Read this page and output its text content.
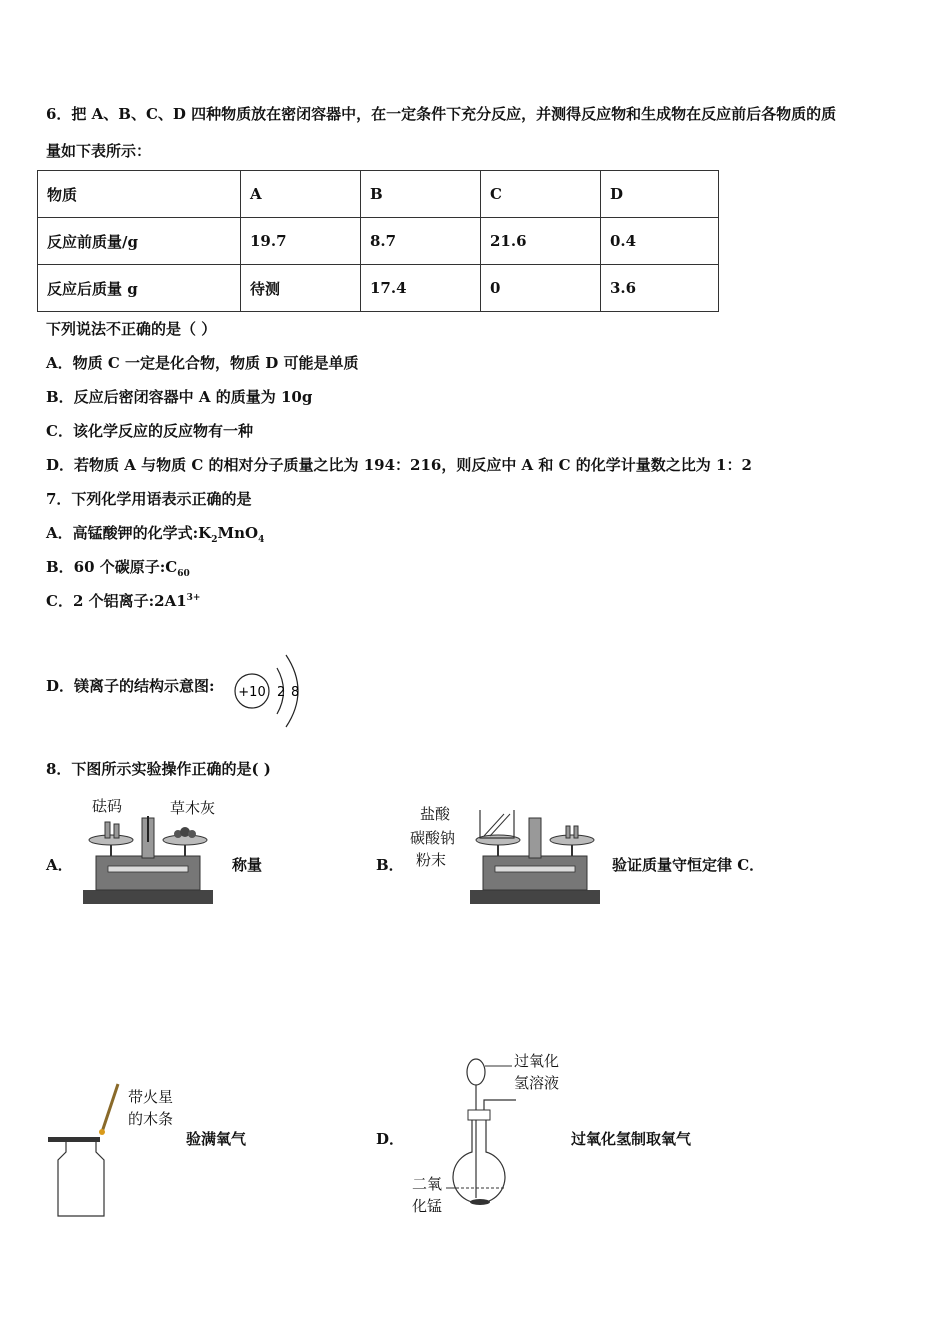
6．把 A、B、C、D 四种物质放在密闭容器中，在一定条件下充分反应，并测得反应物和生成物在反应前后各物质的质
量如下表所示：
物质	A	B	C	D
反应前质量/g	19.7	8.7	21.6	0.4
反应后质量 g	待测	17.4	0	3.6
下列说法不正确的是（ ）
A．物质 C 一定是化合物，物质 D 可能是单质
B．反应后密闭容器中 A 的质量为 10g
C．该化学反应的反应物有一种
D．若物质 A 与物质 C 的相对分子质量之比为 194：216，则反应中 A 和 C 的化学计量数之比为 1：2
7．下列化学用语表示正确的是
A．高锰酸钾的化学式$:K_2MnO_4$
B．60 个碳原子$:C_{60}$
C．2 个铝离子$:2A1^{3+}$
D．镁离子的结构示意图: +10 2 8
8．下图所示实验操作正确的是( )
A．	称量
砝码	草木灰
B．	验证质量守恒定律 C．
盐酸
碳酸钠
粉末
带火星
的木条
验满氧气	D．	过氧化氢制取氧气
过氧化
氢溶液
二氧
化锰
